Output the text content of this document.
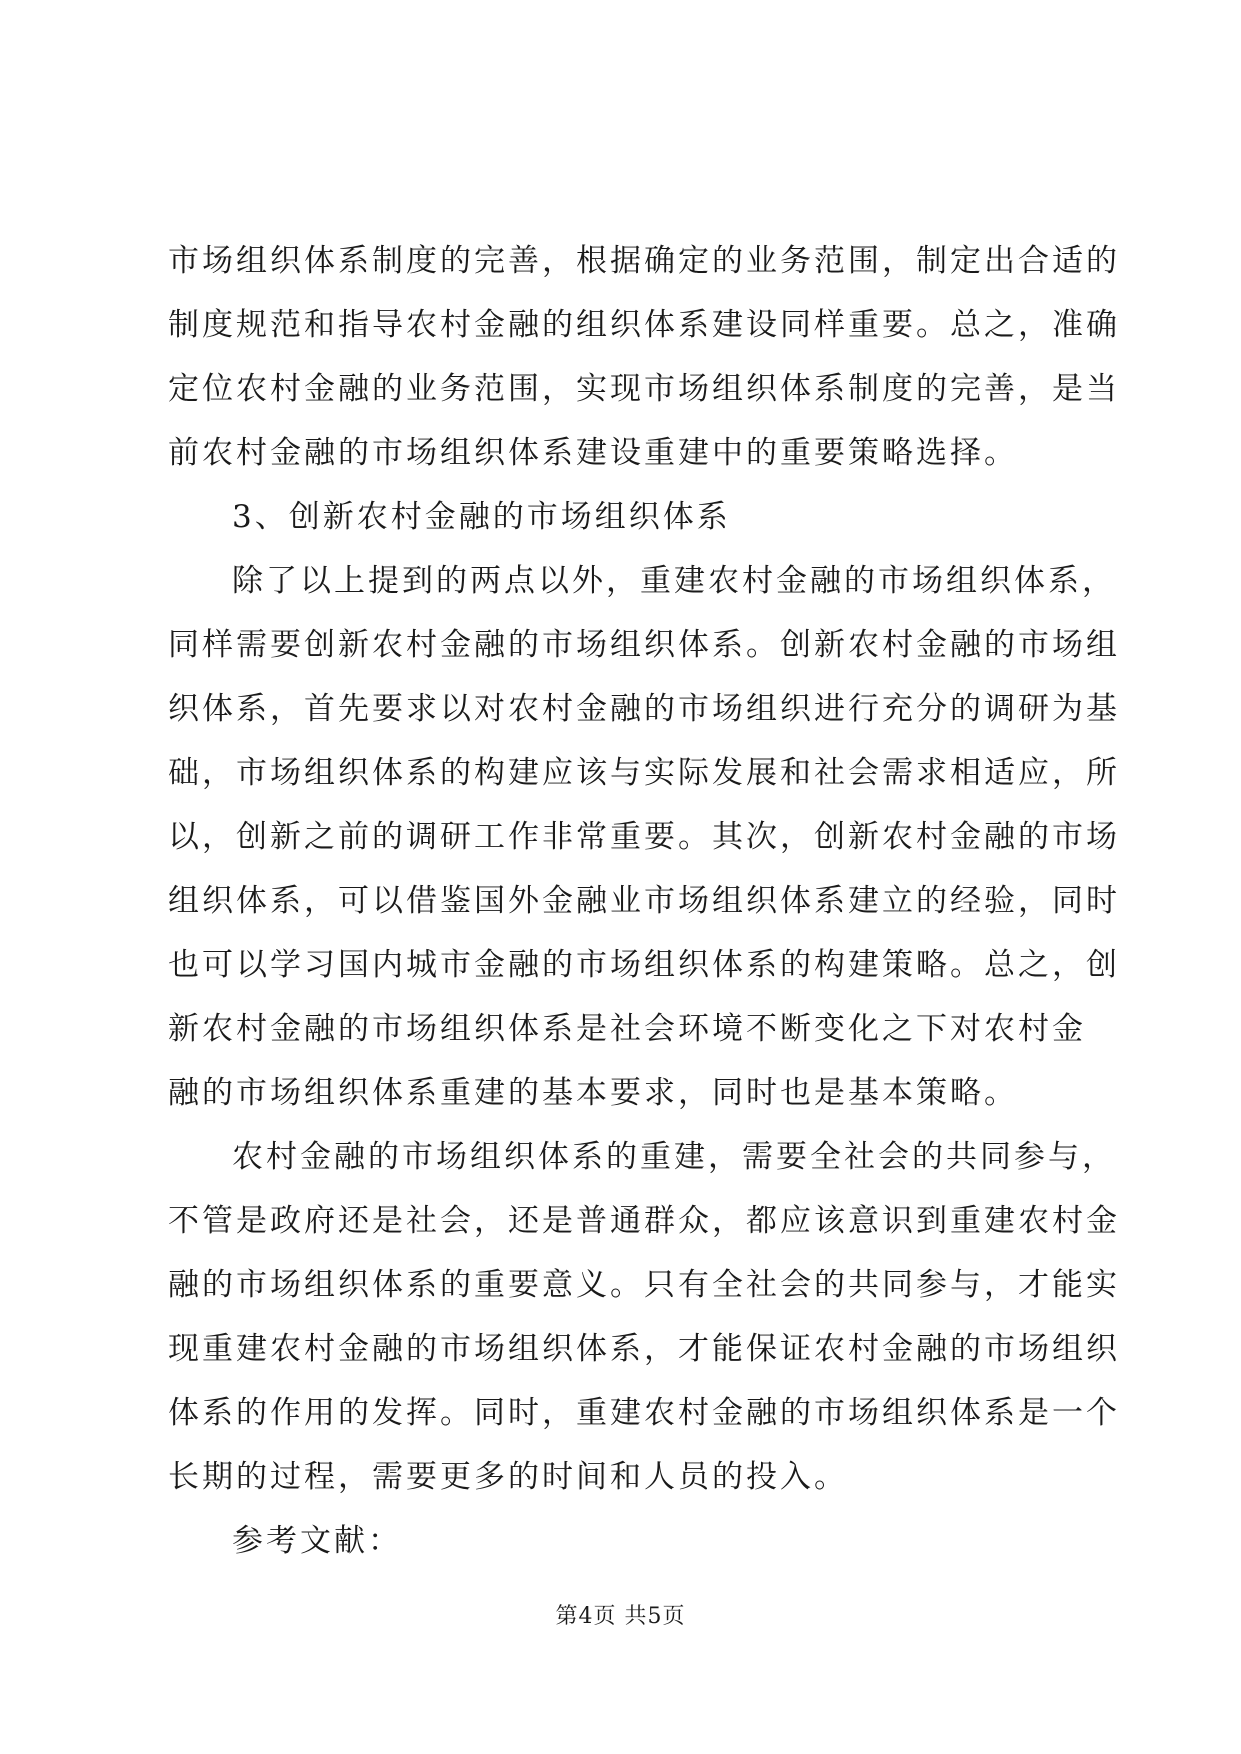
市场组织体系制度的完善，根据确定的业务范围，制定出合适的
制度规范和指导农村金融的组织体系建设同样重要。总之，准确
定位农村金融的业务范围，实现市场组织体系制度的完善，是当
前农村金融的市场组织体系建设重建中的重要策略选择。
3、创新农村金融的市场组织体系
除了以上提到的两点以外，重建农村金融的市场组织体系，
同样需要创新农村金融的市场组织体系。创新农村金融的市场组
织体系，首先要求以对农村金融的市场组织进行充分的调研为基
础，市场组织体系的构建应该与实际发展和社会需求相适应，所
以，创新之前的调研工作非常重要。其次，创新农村金融的市场
组织体系，可以借鉴国外金融业市场组织体系建立的经验，同时
也可以学习国内城市金融的市场组织体系的构建策略。总之，创
新农村金融的市场组织体系是社会环境不断变化之下对农村金
融的市场组织体系重建的基本要求，同时也是基本策略。
农村金融的市场组织体系的重建，需要全社会的共同参与，
不管是政府还是社会，还是普通群众，都应该意识到重建农村金
融的市场组织体系的重要意义。只有全社会的共同参与，才能实
现重建农村金融的市场组织体系，才能保证农村金融的市场组织
体系的作用的发挥。同时，重建农村金融的市场组织体系是一个
长期的过程，需要更多的时间和人员的投入。
参考文献：
第4页 共5页
